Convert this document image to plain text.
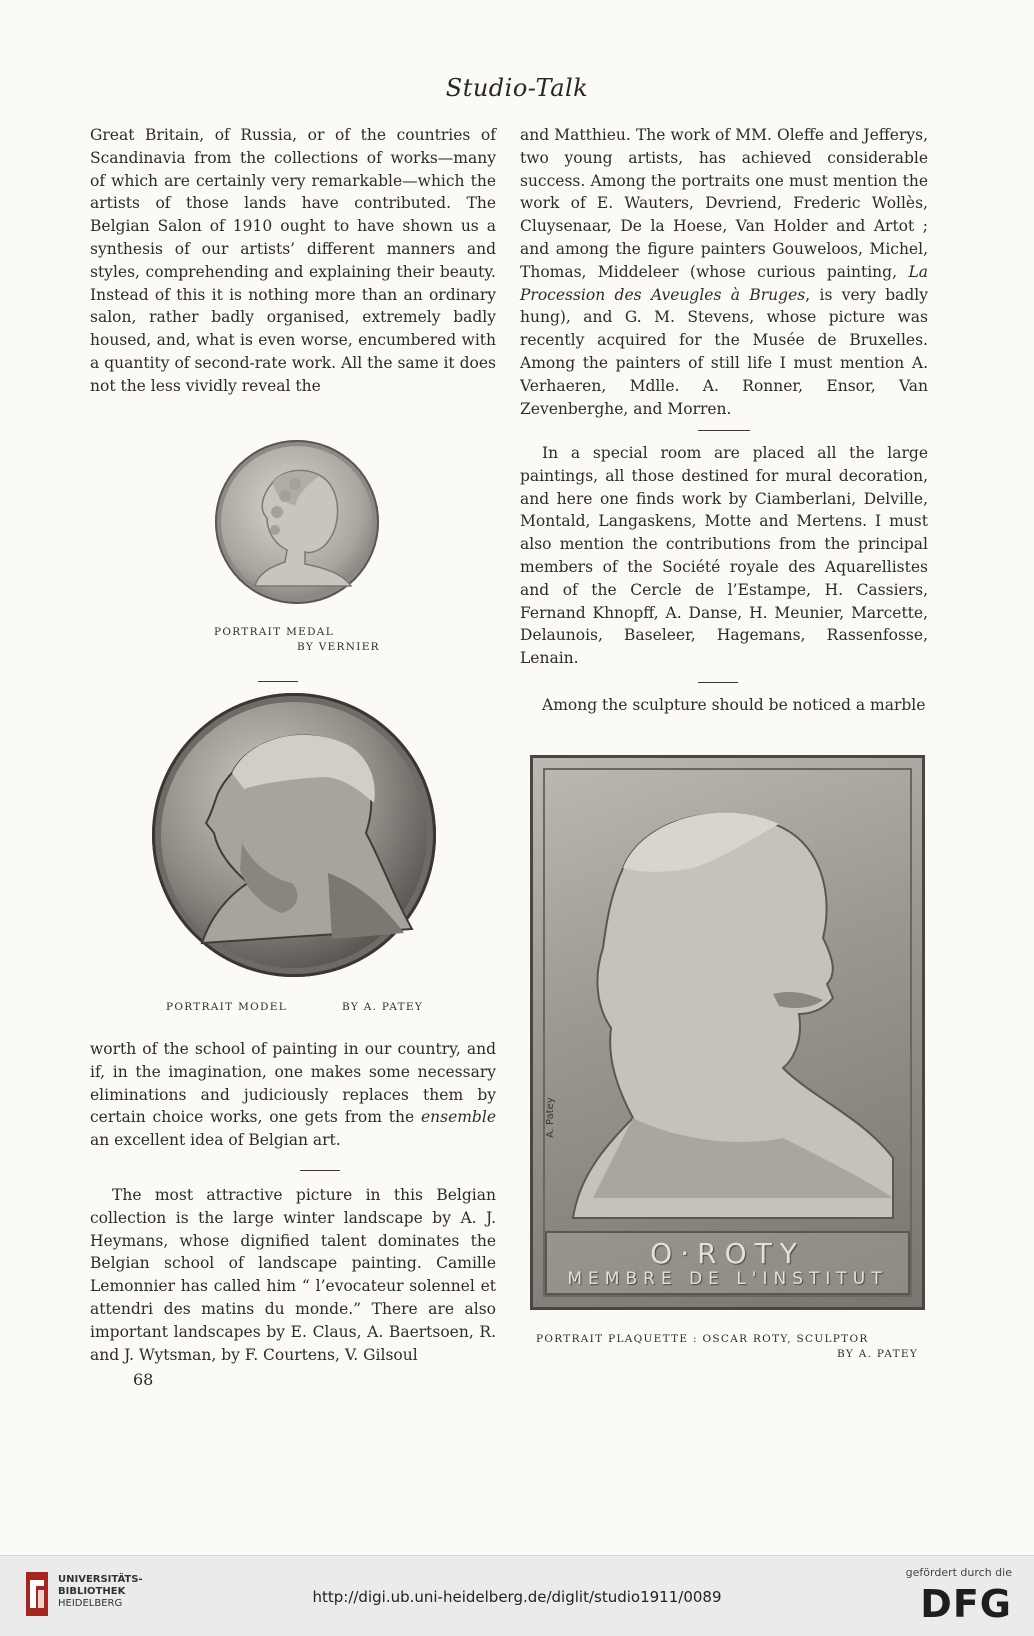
Studio-Talk

Great Britain, of Russia, or of the countries of Scandinavia from the collections of works—many of which are certainly very remarkable—which the artists of those lands have contributed. The Belgian Salon of 1910 ought to have shown us a synthesis of our artists’ different manners and styles, comprehending and explaining their beauty. Instead of this it is nothing more than an ordinary salon, rather badly organised, extremely badly housed, and, what is even worse, encumbered with a quantity of second-rate work. All the same it does not the less vividly reveal the

PORTRAIT MEDAL
BY VERNIER
PORTRAIT MODEL	BY A. PATEY

worth of the school of painting in our country, and if, in the imagination, one makes some necessary eliminations and judiciously replaces them by certain choice works, one gets from the ensemble an excellent idea of Belgian art.

The most attractive picture in this Belgian collection is the large winter landscape by A. J. Heymans, whose dignified talent dominates the Belgian school of landscape painting. Camille Lemonnier has called him “ l’evocateur solennel et attendri des matins du monde.” There are also important landscapes by E. Claus, A. Baertsoen, R. and J. Wytsman, by F. Courtens, V. Gilsoul

68

and Matthieu. The work of MM. Oleffe and Jefferys, two young artists, has achieved considerable success. Among the portraits one must mention the work of E. Wauters, Devriend, Frederic Wollès, Cluysenaar, De la Hoese, Van Holder and Artot ; and among the figure painters Gouweloos, Michel, Thomas, Middeleer (whose curious painting, La Procession des Aveugles à Bruges, is very badly hung), and G. M. Stevens, whose picture was recently acquired for the Musée de Bruxelles. Among the painters of still life I must mention A. Verhaeren, Mdlle. A. Ronner, Ensor, Van Zevenberghe, and Morren.

In a special room are placed all the large paintings, all those destined for mural decoration, and here one finds work by Ciamberlani, Delville, Montald, Langaskens, Motte and Mertens. I must also mention the contributions from the principal members of the Société royale des Aquarellistes and of the Cercle de l’Estampe, H. Cassiers, Fernand Khnopff, A. Danse, H. Meunier, Marcette, Delaunois, Baseleer, Hagemans, Rassenfosse, Lenain.

Among the sculpture should be noticed a marble

O·ROTY
MEMBRE DE L'INSTITUT
A. Patey
PORTRAIT PLAQUETTE : OSCAR ROTY, SCULPTOR
BY A. PATEY
UNIVERSITÄTS-
BIBLIOTHEK
HEIDELBERG	http://digi.ub.uni-heidelberg.de/diglit/studio1911/0089
gefördert durch die
DFG
